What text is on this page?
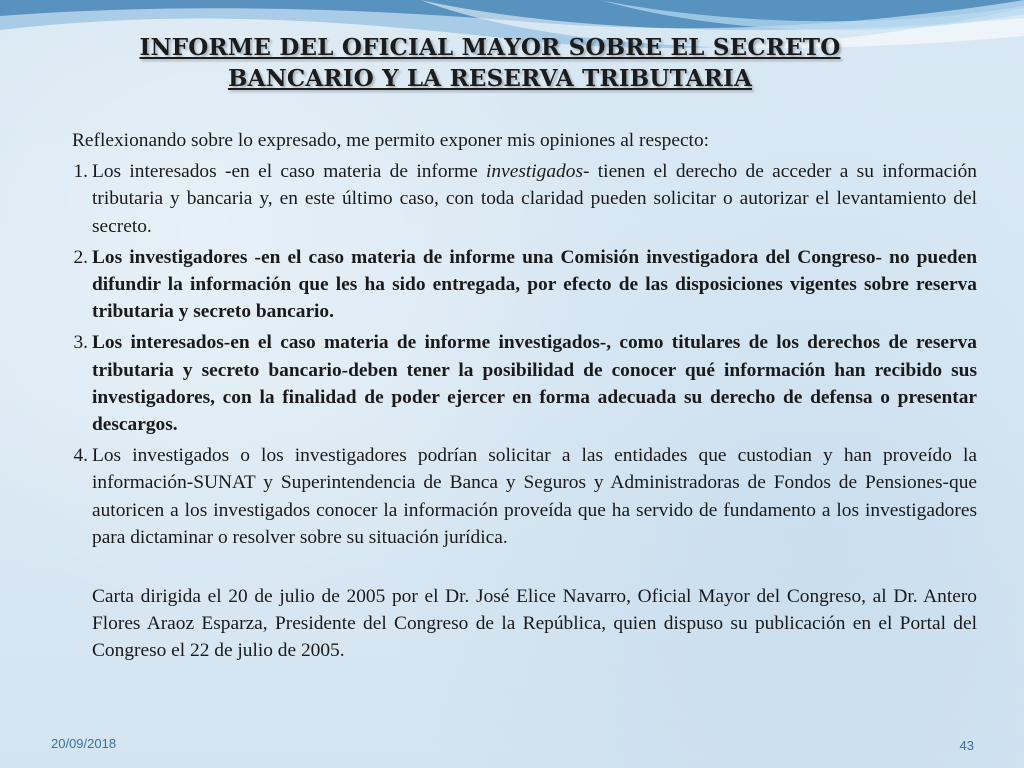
INFORME DEL OFICIAL MAYOR SOBRE EL SECRETO
BANCARIO Y LA RESERVA TRIBUTARIA
Reflexionando sobre lo expresado, me permito exponer mis opiniones al respecto:
1. Los interesados -en el caso materia de informe investigados- tienen el derecho de acceder a su información tributaria y bancaria y, en este último caso, con toda claridad pueden solicitar o autorizar el levantamiento del secreto.
2. Los investigadores -en el caso materia de informe una Comisión investigadora del Congreso- no pueden difundir la información que les ha sido entregada, por efecto de las disposiciones vigentes sobre reserva tributaria y secreto bancario.
3. Los interesados-en el caso materia de informe investigados-, como titulares de los derechos de reserva tributaria y secreto bancario-deben tener la posibilidad de conocer qué información han recibido sus investigadores, con la finalidad de poder ejercer en forma adecuada su derecho de defensa o presentar descargos.
4. Los investigados o los investigadores podrían solicitar a las entidades que custodian y han proveído la información-SUNAT y Superintendencia de Banca y Seguros y Administradoras de Fondos de Pensiones-que autoricen a los investigados conocer la información proveída que ha servido de fundamento a los investigadores para dictaminar o resolver sobre su situación jurídica.
Carta dirigida el 20 de julio de 2005 por el Dr. José Elice Navarro, Oficial Mayor del Congreso, al Dr. Antero Flores Araoz Esparza, Presidente del Congreso de la República, quien dispuso su publicación en el Portal del Congreso el 22 de julio de 2005.
20/09/2018	43
